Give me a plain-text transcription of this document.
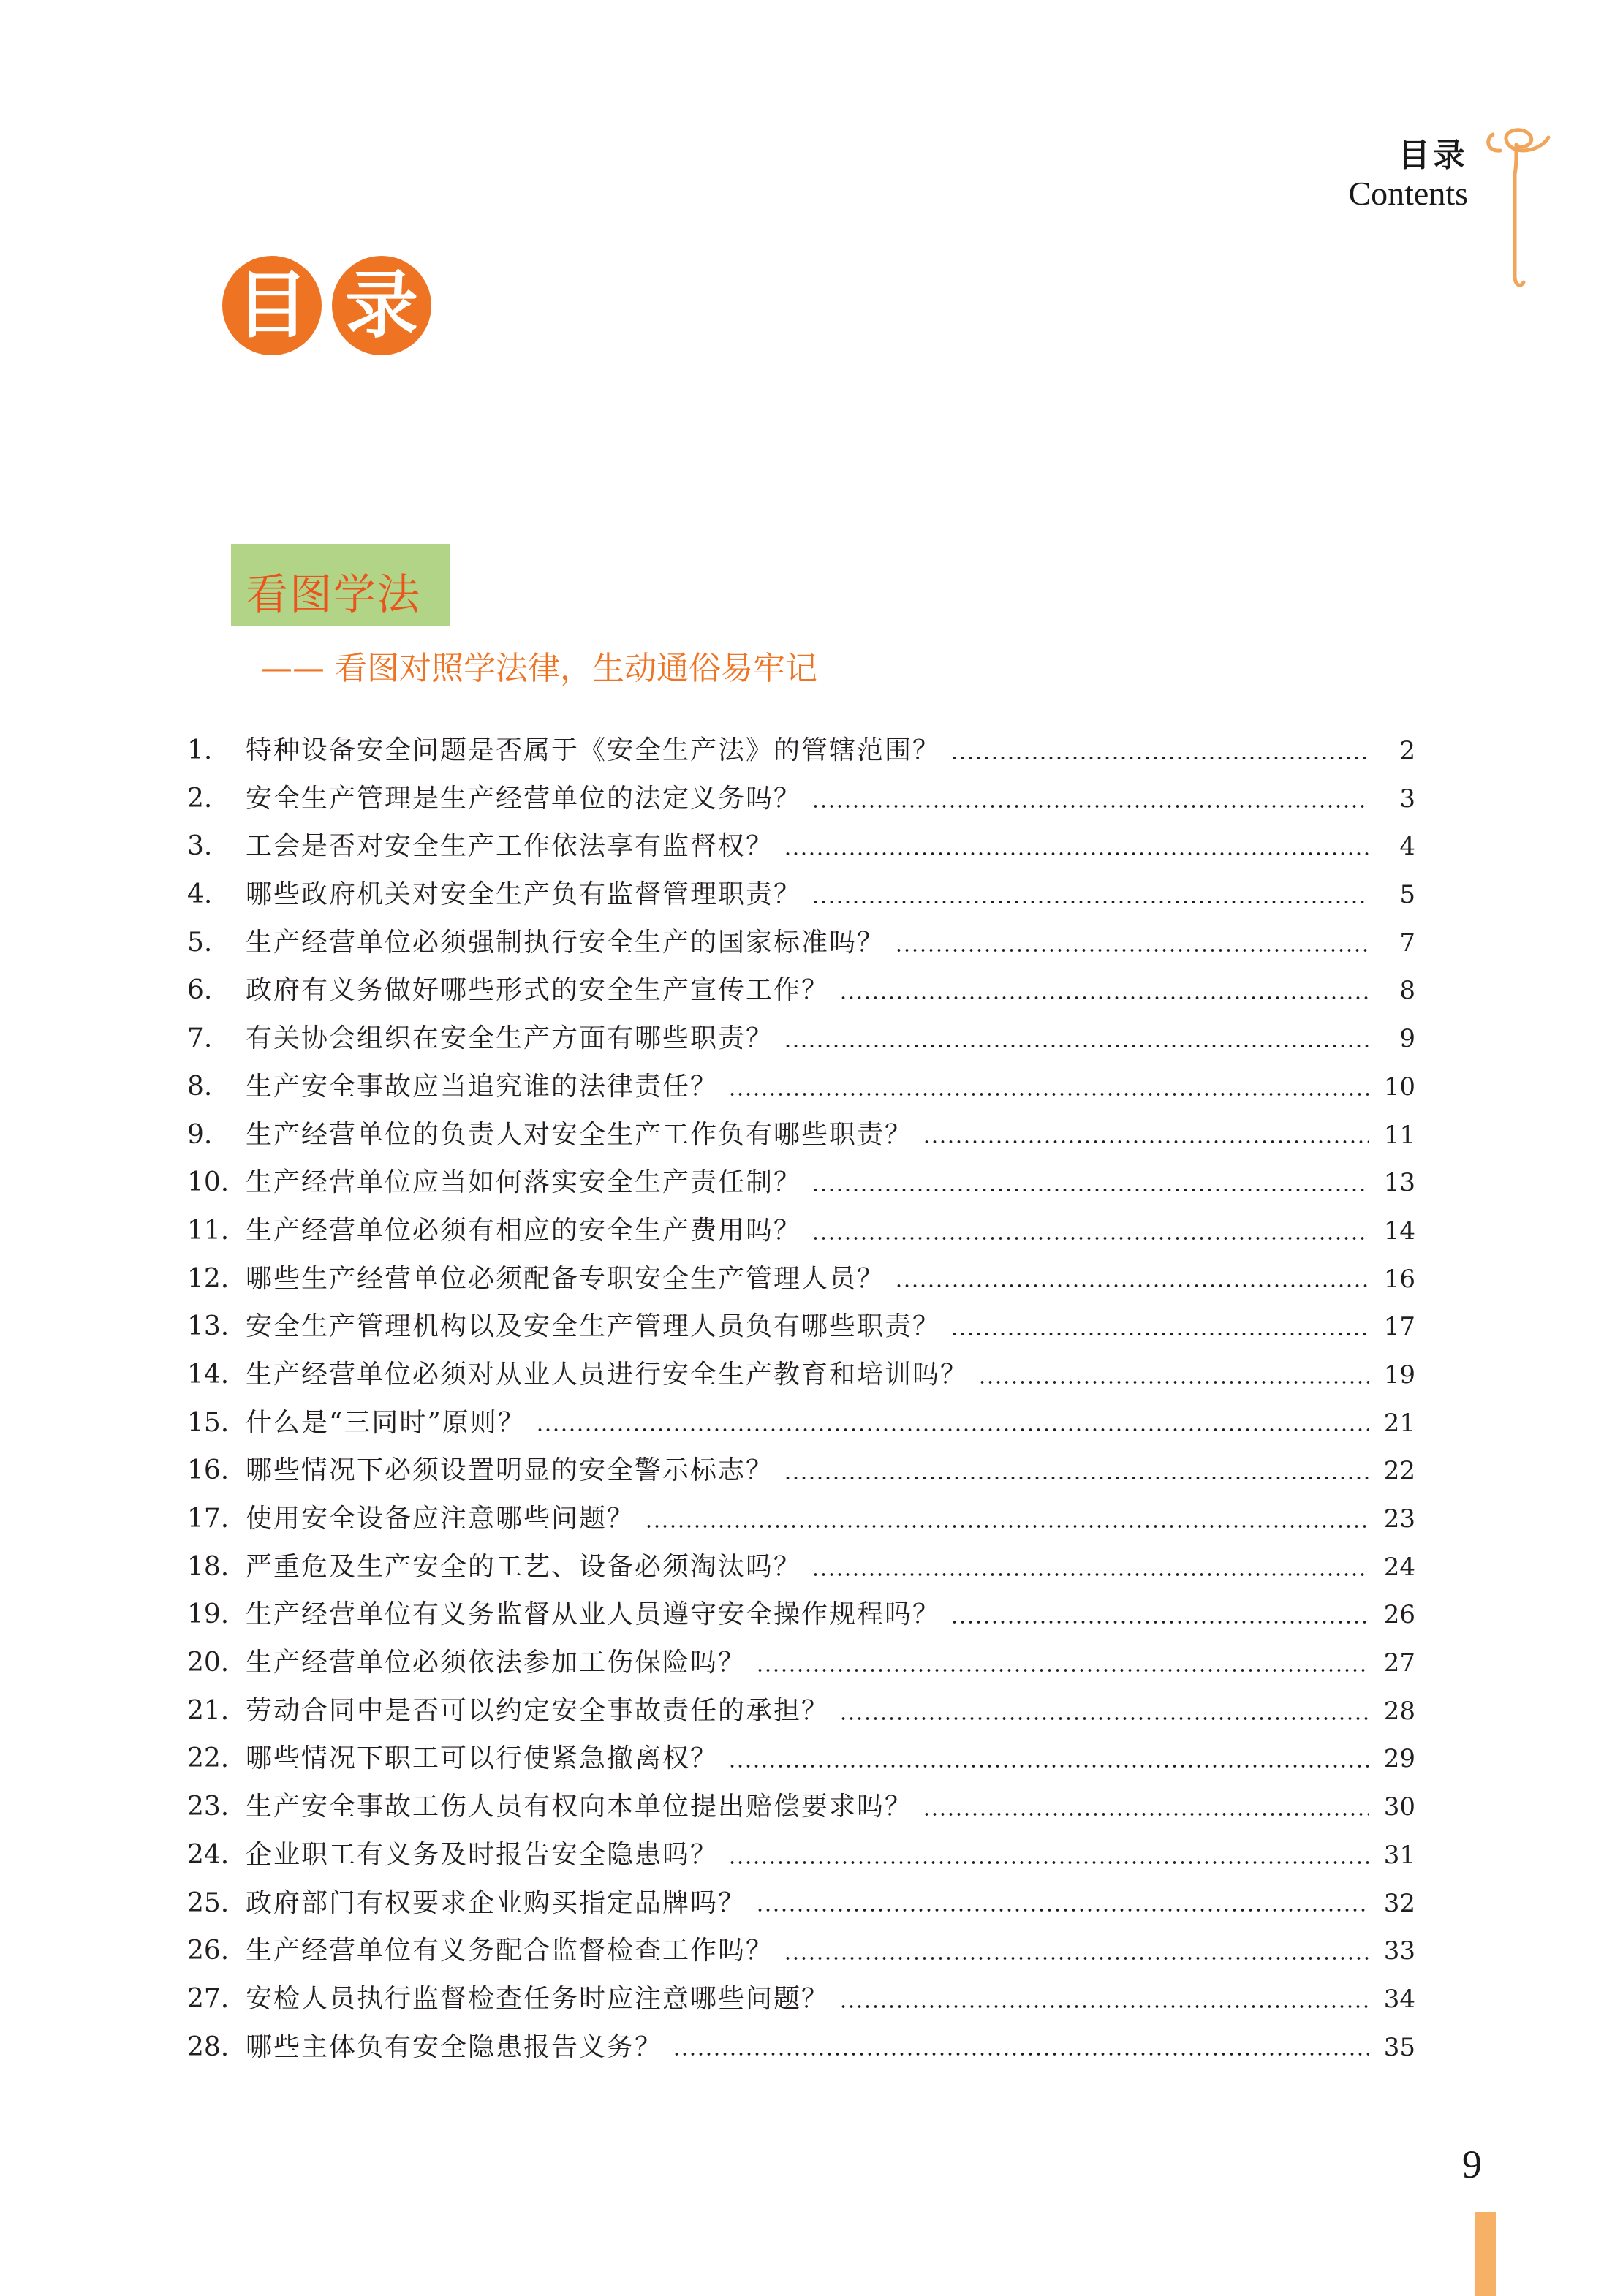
目录
Contents
目 录
看图学法
—— 看图对照学法律，生动通俗易牢记
1.	特种设备安全问题是否属于《安全生产法》的管辖范围？	2
2.	安全生产管理是生产经营单位的法定义务吗？	3
3.	工会是否对安全生产工作依法享有监督权？	4
4.	哪些政府机关对安全生产负有监督管理职责？	5
5.	生产经营单位必须强制执行安全生产的国家标准吗？	7
6.	政府有义务做好哪些形式的安全生产宣传工作？	8
7.	有关协会组织在安全生产方面有哪些职责？	9
8.	生产安全事故应当追究谁的法律责任？	10
9.	生产经营单位的负责人对安全生产工作负有哪些职责？	11
10. 生产经营单位应当如何落实安全生产责任制？	13
11. 生产经营单位必须有相应的安全生产费用吗？	14
12. 哪些生产经营单位必须配备专职安全生产管理人员？	16
13. 安全生产管理机构以及安全生产管理人员负有哪些职责？	17
14. 生产经营单位必须对从业人员进行安全生产教育和培训吗？	19
15. 什么是“三同时”原则？	21
16. 哪些情况下必须设置明显的安全警示标志？	22
17. 使用安全设备应注意哪些问题？	23
18. 严重危及生产安全的工艺、设备必须淘汰吗？	24
19. 生产经营单位有义务监督从业人员遵守安全操作规程吗？	26
20. 生产经营单位必须依法参加工伤保险吗？	27
21. 劳动合同中是否可以约定安全事故责任的承担？	28
22. 哪些情况下职工可以行使紧急撤离权？	29
23. 生产安全事故工伤人员有权向本单位提出赔偿要求吗？	30
24. 企业职工有义务及时报告安全隐患吗？	31
25. 政府部门有权要求企业购买指定品牌吗？	32
26. 生产经营单位有义务配合监督检查工作吗？	33
27. 安检人员执行监督检查任务时应注意哪些问题？	34
28. 哪些主体负有安全隐患报告义务？	35
9
